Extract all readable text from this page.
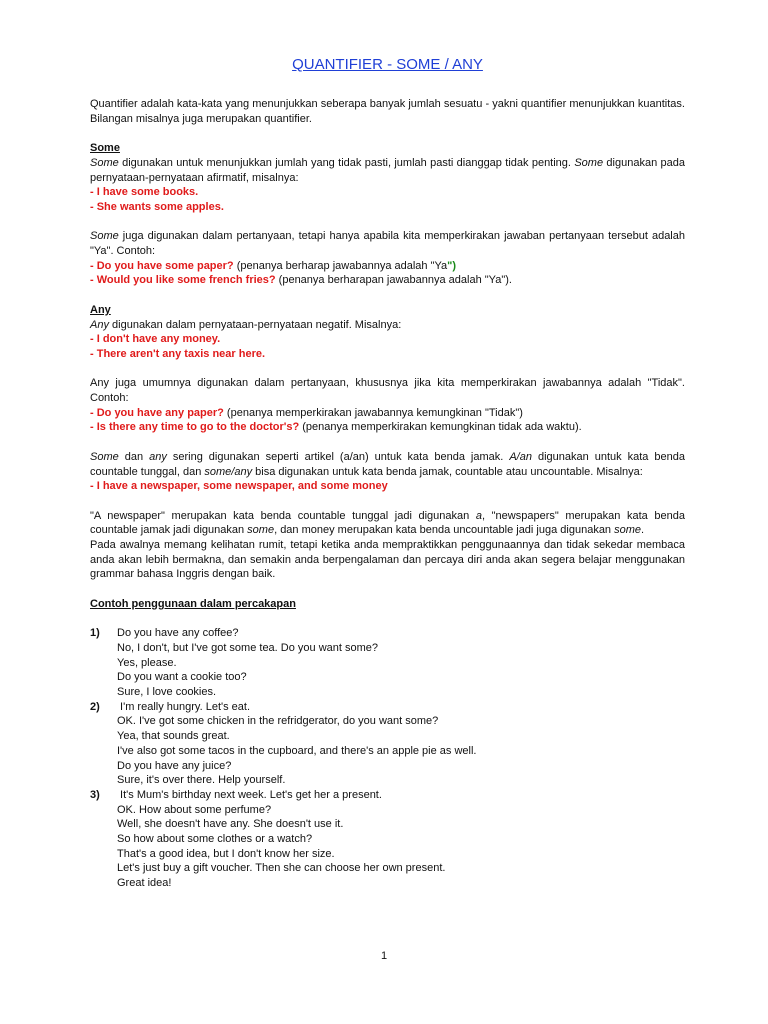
QUANTIFIER - SOME / ANY
Quantifier adalah kata-kata yang menunjukkan seberapa banyak jumlah sesuatu - yakni quantifier menunjukkan kuantitas. Bilangan misalnya juga merupakan quantifier.
Some
Some digunakan untuk menunjukkan jumlah yang tidak pasti, jumlah pasti dianggap tidak penting. Some digunakan pada pernyataan-pernyataan afirmatif, misalnya:
- I have some books.
- She wants some apples.
Some juga digunakan dalam pertanyaan, tetapi hanya apabila kita memperkirakan jawaban pertanyaan tersebut adalah "Ya". Contoh:
- Do you have some paper? (penanya berharap jawabannya adalah "Ya")
- Would you like some french fries? (penanya berharapan jawabannya adalah "Ya").
Any
Any digunakan dalam pernyataan-pernyataan negatif. Misalnya:
- I don't have any money.
- There aren't any taxis near here.
Any juga umumnya digunakan dalam pertanyaan, khususnya jika kita memperkirakan jawabannya adalah "Tidak". Contoh:
- Do you have any paper? (penanya memperkirakan jawabannya kemungkinan "Tidak")
- Is there any time to go to the doctor's? (penanya memperkirakan kemungkinan tidak ada waktu).
Some dan any sering digunakan seperti artikel (a/an) untuk kata benda jamak. A/an digunakan untuk kata benda countable tunggal, dan some/any bisa digunakan untuk kata benda jamak, countable atau uncountable. Misalnya:
- I have a newspaper, some newspaper, and some money
"A newspaper" merupakan kata benda countable tunggal jadi digunakan a, "newspapers" merupakan kata benda countable jamak jadi digunakan some, dan money merupakan kata benda uncountable jadi juga digunakan some.
Pada awalnya memang kelihatan rumit, tetapi ketika anda mempraktikkan penggunaannya dan tidak sekedar membaca anda akan lebih bermakna, dan semakin anda berpengalaman dan percaya diri anda akan segera belajar menggunakan grammar bahasa Inggris dengan baik.
Contoh penggunaan dalam percakapan
1) Do you have any coffee?
No, I don't, but I've got some tea. Do you want some?
Yes, please.
Do you want a cookie too?
Sure, I love cookies.
2) I'm really hungry. Let's eat.
OK. I've got some chicken in the refridgerator, do you want some?
Yea, that sounds great.
I've also got some tacos in the cupboard, and there's an apple pie as well.
Do you have any juice?
Sure, it's over there. Help yourself.
3) It's Mum's birthday next week. Let's get her a present.
OK. How about some perfume?
Well, she doesn't have any. She doesn't use it.
So how about some clothes or a watch?
That's a good idea, but I don't know her size.
Let's just buy a gift voucher. Then she can choose her own present.
Great idea!
1
